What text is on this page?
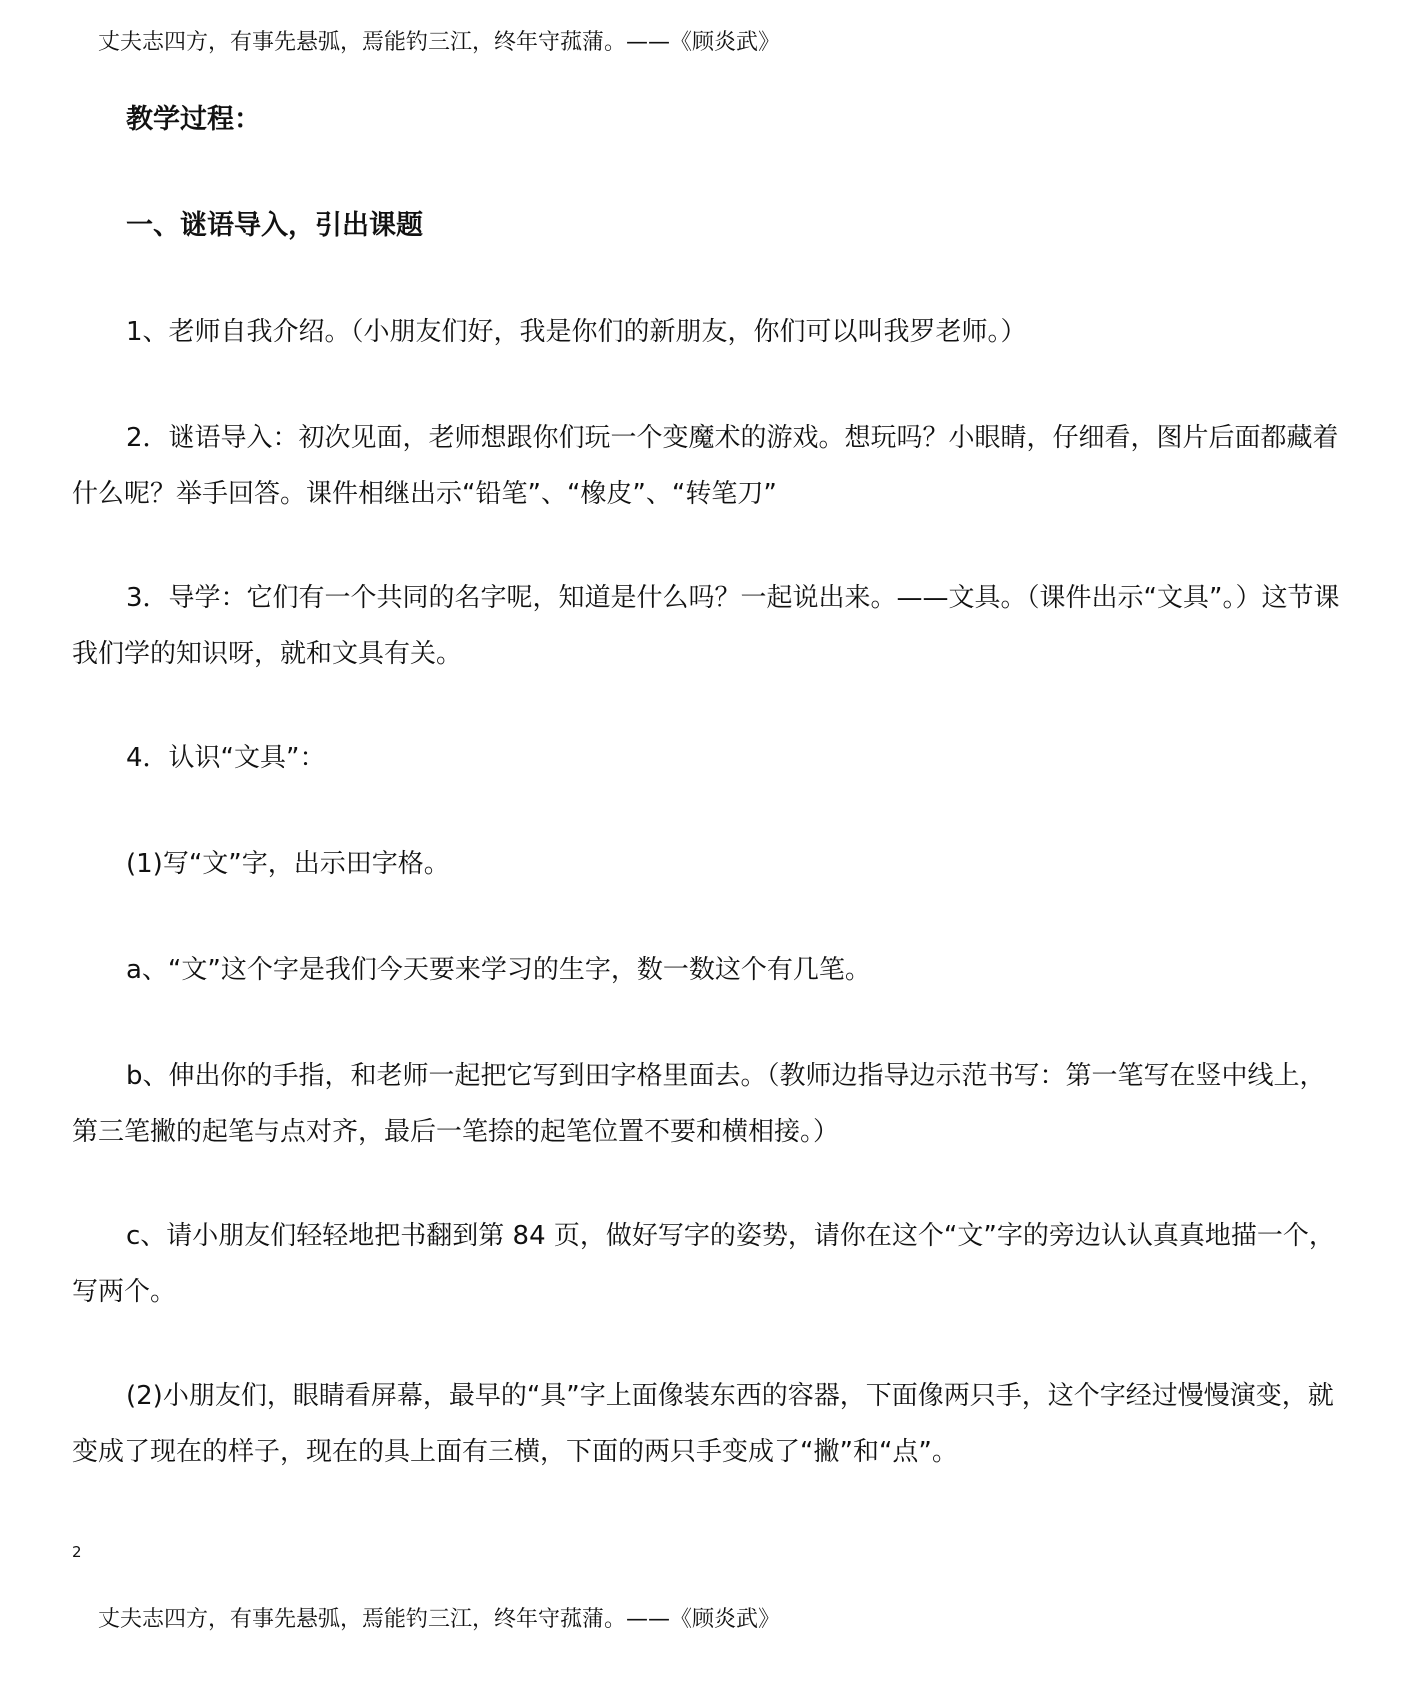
丈夫志四方，有事先悬弧，焉能钓三江，终年守菰蒲。——《顾炎武》

教学过程：

一、谜语导入，引出课题

1、老师自我介绍。（小朋友们好，我是你们的新朋友，你们可以叫我罗老师。）

2．谜语导入：初次见面，老师想跟你们玩一个变魔术的游戏。想玩吗？小眼睛，仔细看，图片后面都藏着什么呢？举手回答。课件相继出示“铅笔”、“橡皮”、“转笔刀”

3．导学：它们有一个共同的名字呢，知道是什么吗？一起说出来。——文具。（课件出示“文具”。）这节课我们学的知识呀，就和文具有关。

4．认识“文具”：

(1)写“文”字，出示田字格。

a、“文”这个字是我们今天要来学习的生字，数一数这个有几笔。

b、伸出你的手指，和老师一起把它写到田字格里面去。（教师边指导边示范书写：第一笔写在竖中线上，第三笔撇的起笔与点对齐，最后一笔捺的起笔位置不要和横相接。）

c、请小朋友们轻轻地把书翻到第 84 页，做好写字的姿势，请你在这个“文”字的旁边认认真真地描一个，写两个。

(2)小朋友们，眼睛看屏幕，最早的“具”字上面像装东西的容器，下面像两只手，这个字经过慢慢演变，就变成了现在的样子，现在的具上面有三横，下面的两只手变成了“撇”和“点”。

2
丈夫志四方，有事先悬弧，焉能钓三江，终年守菰蒲。——《顾炎武》
